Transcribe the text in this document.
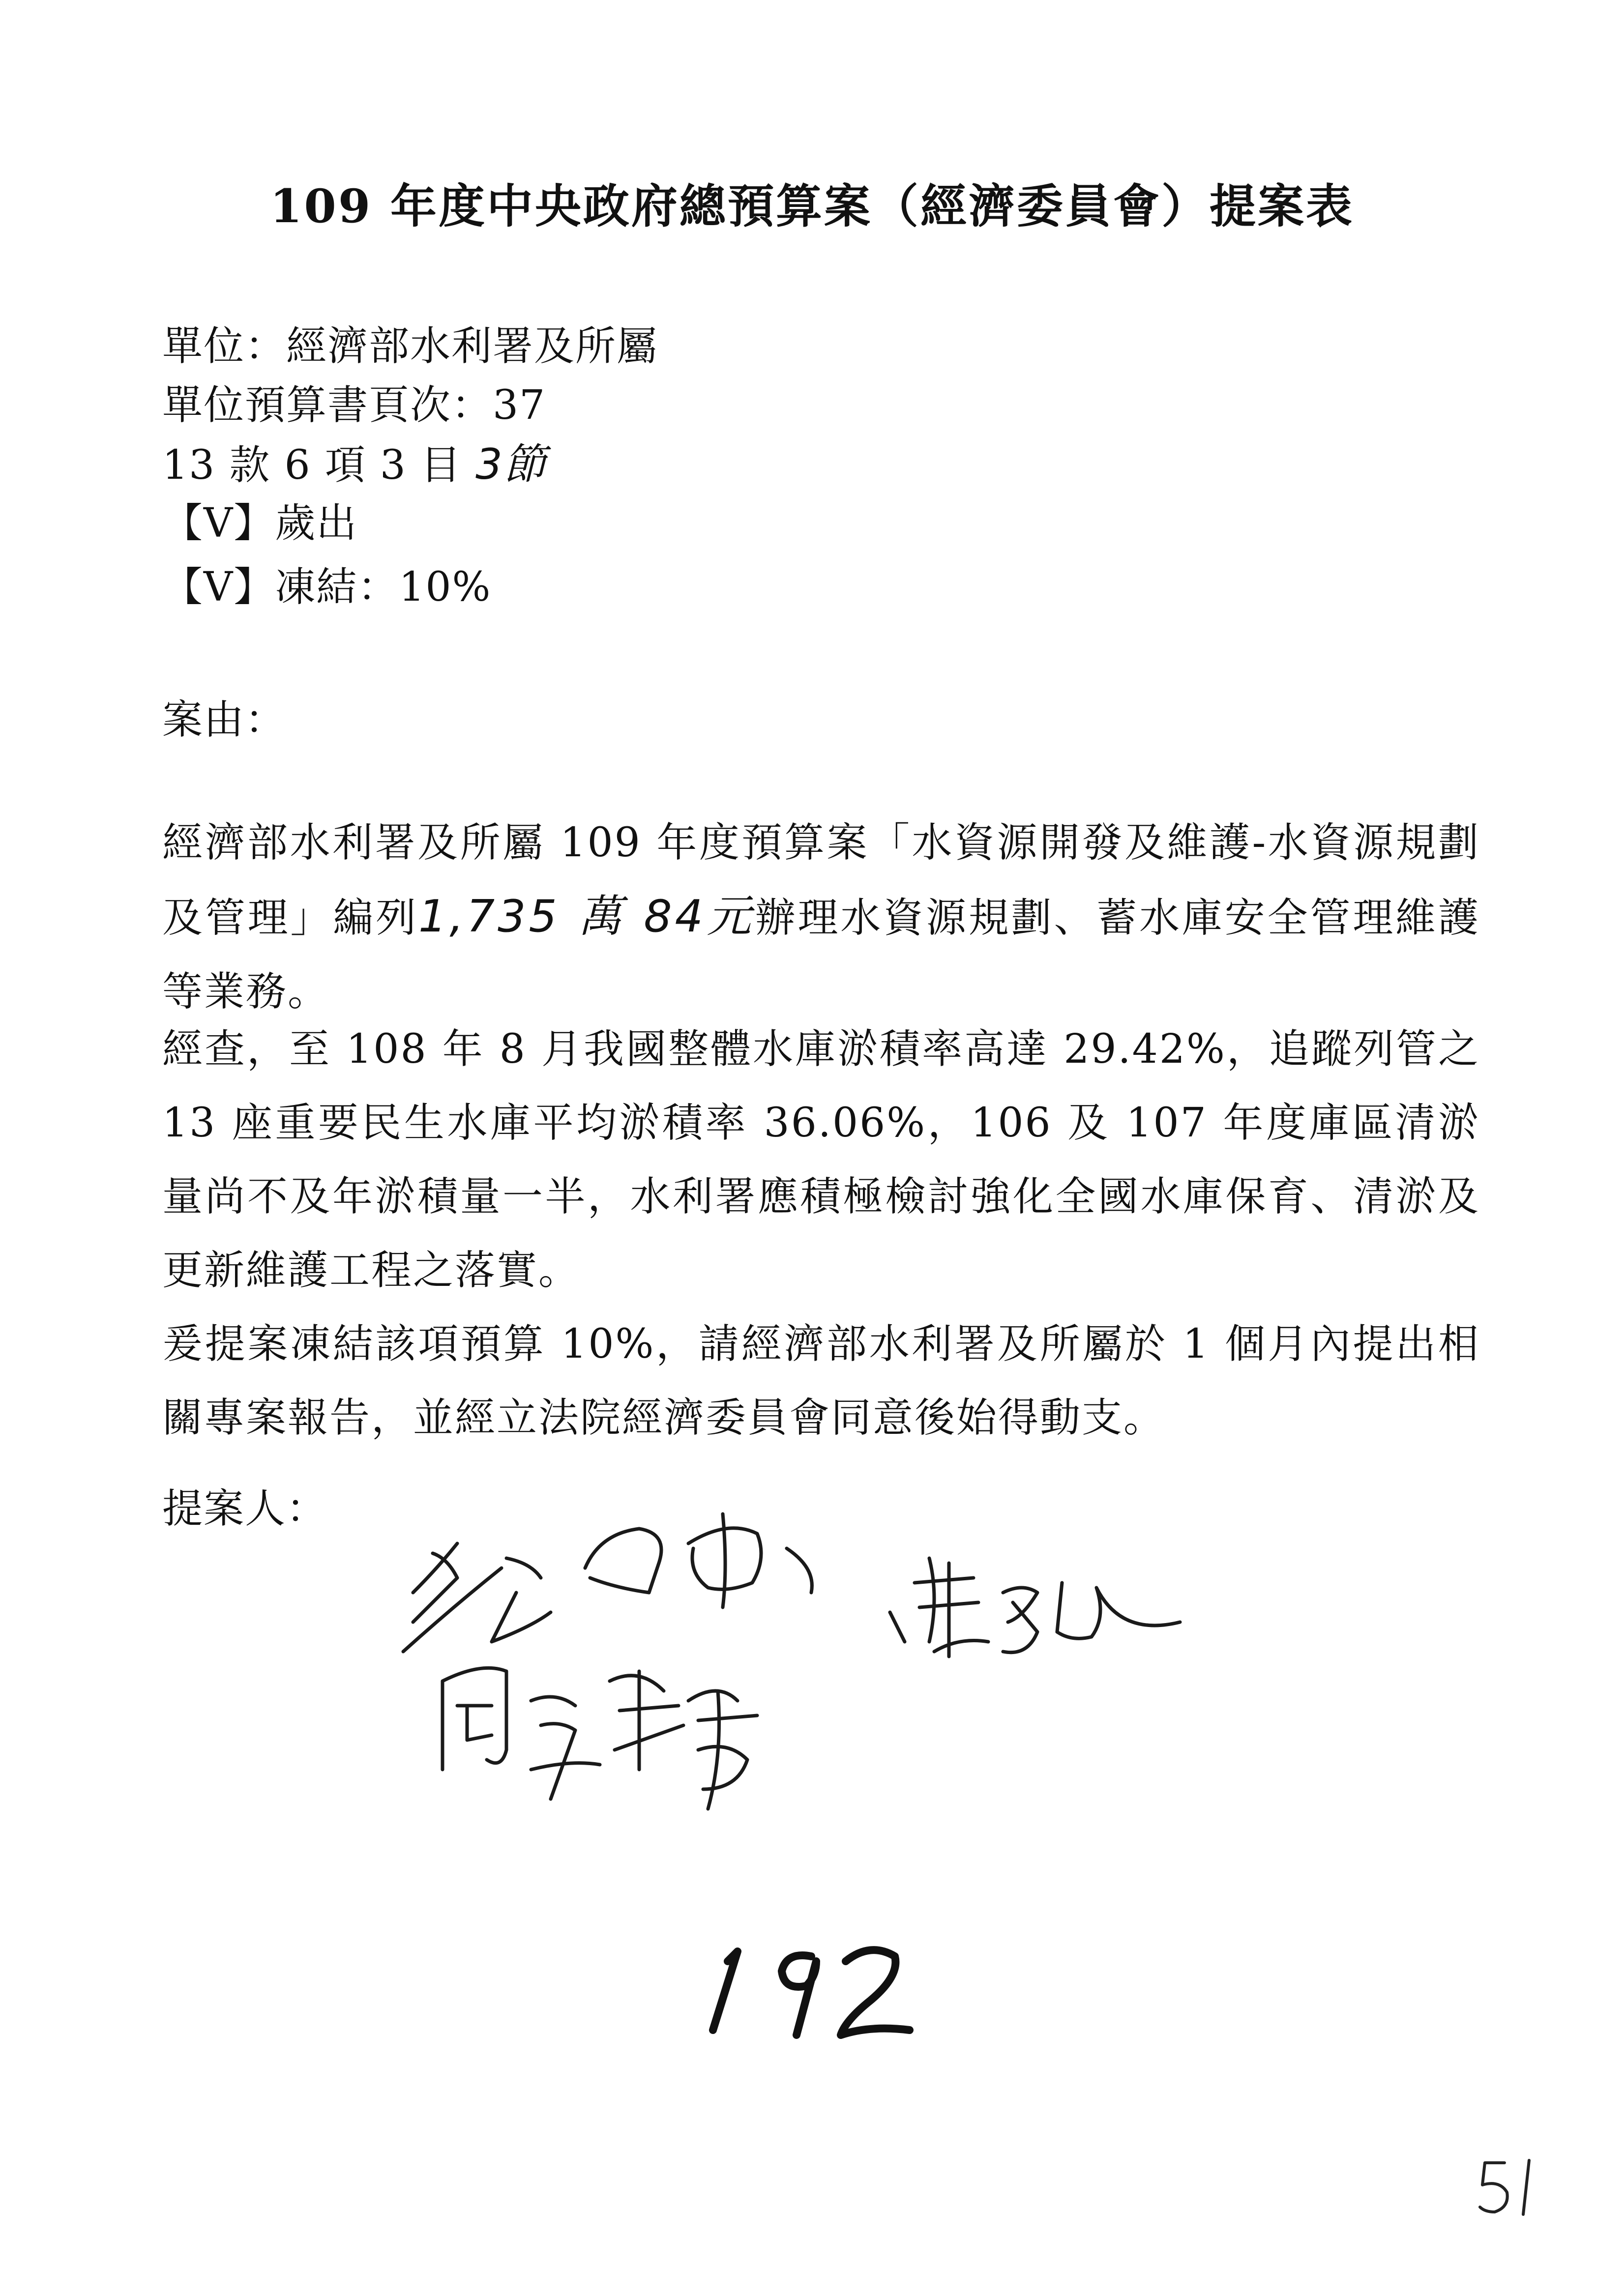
109 年度中央政府總預算案（經濟委員會）提案表
單位：經濟部水利署及所屬
單位預算書頁次：37
13 款 6 項 3 目 3節
【V】歲出
【V】凍結：10%
案由：
經濟部水利署及所屬 109 年度預算案「水資源開發及維護-水資源規劃及管理」編列1,735 萬 84元辦理水資源規劃、蓄水庫安全管理維護等業務。
經查，至 108 年 8 月我國整體水庫淤積率高達 29.42%，追蹤列管之 13 座重要民生水庫平均淤積率 36.06%，106 及 107 年度庫區清淤量尚不及年淤積量一半，水利署應積極檢討強化全國水庫保育、清淤及更新維護工程之落實。
爰提案凍結該項預算 10%，請經濟部水利署及所屬於 1 個月內提出相關專案報告，並經立法院經濟委員會同意後始得動支。
提案人：
